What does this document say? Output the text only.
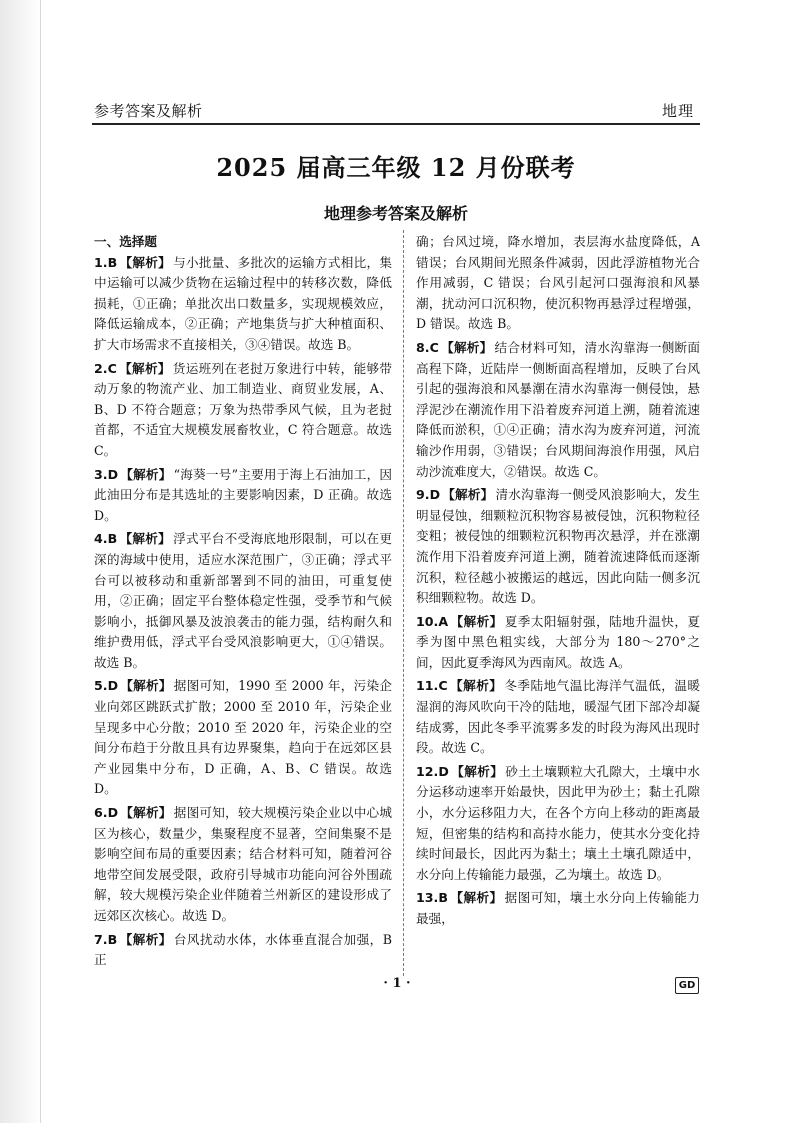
参考答案及解析	地理
2025 届高三年级 12 月份联考
地理参考答案及解析
一、选择题
1.B 【解析】 与小批量、多批次的运输方式相比，集中运输可以减少货物在运输过程中的转移次数，降低损耗，①正确；单批次出口数量多，实现规模效应，降低运输成本，②正确；产地集货与扩大种植面积、扩大市场需求不直接相关，③④错误。故选 B。
2.C 【解析】 货运班列在老挝万象进行中转，能够带动万象的物流产业、加工制造业、商贸业发展，A、B、D 不符合题意；万象为热带季风气候，且为老挝首都，不适宜大规模发展畜牧业，C 符合题意。故选 C。
3.D 【解析】 “海葵一号”主要用于海上石油加工，因此油田分布是其选址的主要影响因素，D 正确。故选 D。
4.B 【解析】 浮式平台不受海底地形限制，可以在更深的海域中使用，适应水深范围广，③正确；浮式平台可以被移动和重新部署到不同的油田，可重复使用，②正确；固定平台整体稳定性强，受季节和气候影响小，抵御风暴及波浪袭击的能力强，结构耐久和维护费用低，浮式平台受风浪影响更大，①④错误。故选 B。
5.D 【解析】 据图可知，1990 至 2000 年，污染企业向郊区跳跃式扩散；2000 至 2010 年，污染企业呈现多中心分散；2010 至 2020 年，污染企业的空间分布趋于分散且具有边界聚集，趋向于在远郊区县产业园集中分布，D 正确，A、B、C 错误。故选 D。
6.D 【解析】 据图可知，较大规模污染企业以中心城区为核心，数量少，集聚程度不显著，空间集聚不是影响空间布局的重要因素；结合材料可知，随着河谷地带空间发展受限，政府引导城市功能向河谷外围疏解，较大规模污染企业伴随着兰州新区的建设形成了远郊区次核心。故选 D。
7.B 【解析】 台风扰动水体，水体垂直混合加强，B 正
确；台风过境，降水增加，表层海水盐度降低，A 错误；台风期间光照条件减弱，因此浮游植物光合作用减弱，C 错误；台风引起河口强海浪和风暴潮，扰动河口沉积物，使沉积物再悬浮过程增强，D 错误。故选 B。
8.C 【解析】 结合材料可知，清水沟靠海一侧断面高程下降，近陆岸一侧断面高程增加，反映了台风引起的强海浪和风暴潮在清水沟靠海一侧侵蚀，悬浮泥沙在潮流作用下沿着废弃河道上溯，随着流速降低而淤积，①④正确；清水沟为废弃河道，河流输沙作用弱，③错误；台风期间海浪作用强，风启动沙流难度大，②错误。故选 C。
9.D 【解析】 清水沟靠海一侧受风浪影响大，发生明显侵蚀，细颗粒沉积物容易被侵蚀，沉积物粒径变粗；被侵蚀的细颗粒沉积物再次悬浮，并在涨潮流作用下沿着废弃河道上溯，随着流速降低而逐渐沉积，粒径越小被搬运的越远，因此向陆一侧多沉积细颗粒物。故选 D。
10.A 【解析】 夏季太阳辐射强，陆地升温快，夏季为图中黑色粗实线，大部分为 180～270°之间，因此夏季海风为西南风。故选 A。
11.C 【解析】 冬季陆地气温比海洋气温低，温暖湿润的海风吹向干冷的陆地，暖湿气团下部冷却凝结成雾，因此冬季平流雾多发的时段为海风出现时段。故选 C。
12.D 【解析】 砂土土壤颗粒大孔隙大，土壤中水分运移动速率开始最快，因此甲为砂土；黏土孔隙小，水分运移阻力大，在各个方向上移动的距离最短，但密集的结构和高持水能力，使其水分变化持续时间最长，因此丙为黏土；壤土土壤孔隙适中，水分向上传输能力最强，乙为壤土。故选 D。
13.B 【解析】 据图可知，壤土水分向上传输能力最强，
· 1 ·	GD
